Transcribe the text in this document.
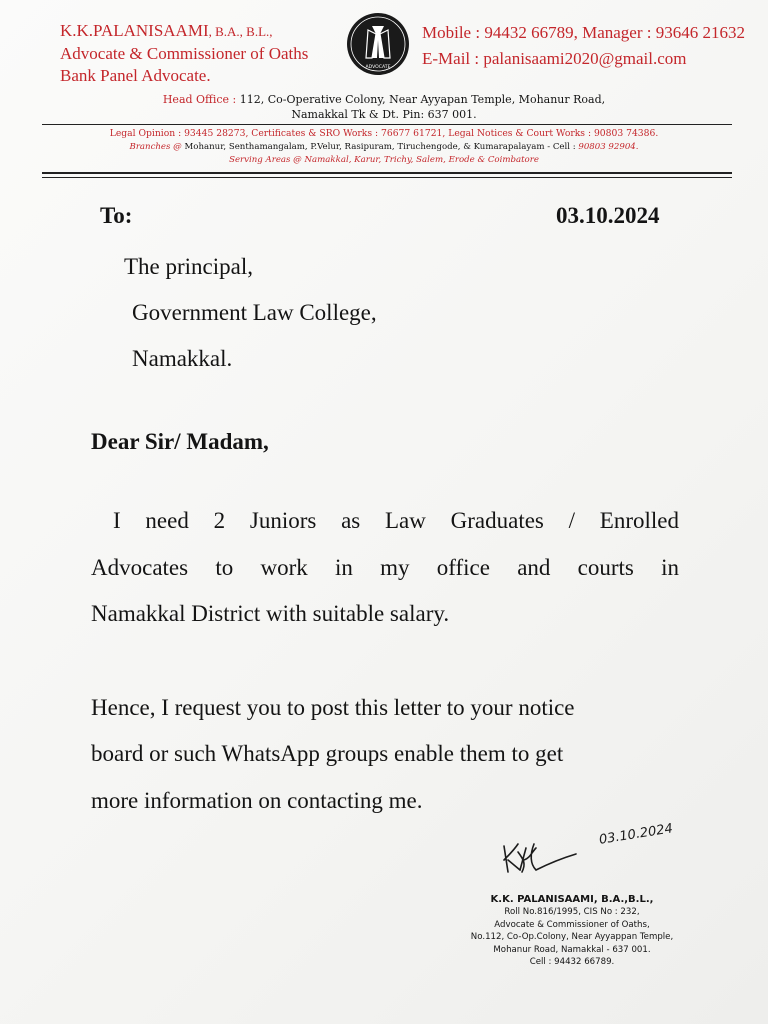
K.K.PALANISAAMI, B.A., B.L.,
Advocate & Commissioner of Oaths
Bank Panel Advocate.	ADVOCATE
Mobile : 94432 66789, Manager : 93646 21632
E-Mail : palanisaami2020@gmail.com
Head Office : 112, Co-Operative Colony, Near Ayyapan Temple, Mohanur Road,
Namakkal Tk & Dt. Pin: 637 001.
Legal Opinion : 93445 28273, Certificates & SRO Works : 76677 61721, Legal Notices & Court Works : 90803 74386.
Branches @ Mohanur, Senthamangalam, P.Velur, Rasipuram, Tiruchengode, & Kumarapalayam - Cell : 90803 92904.
Serving Areas @ Namakkal, Karur, Trichy, Salem, Erode & Coimbatore
To:	03.10.2024
The principal,
Government Law College,
Namakkal.
Dear Sir/ Madam,
I need 2 Juniors as Law Graduates / Enrolled
Advocates to work in my office and courts in
Namakkal District with suitable salary.
Hence, I request you to post this letter to your notice
board or such WhatsApp groups enable them to get
more information on contacting me.
03.10.2024
K.K. PALANISAAMI, B.A.,B.L.,
Roll No.816/1995, CIS No : 232,
Advocate & Commissioner of Oaths,
No.112, Co-Op.Colony, Near Ayyappan Temple,
Mohanur Road, Namakkal - 637 001.
Cell : 94432 66789.
